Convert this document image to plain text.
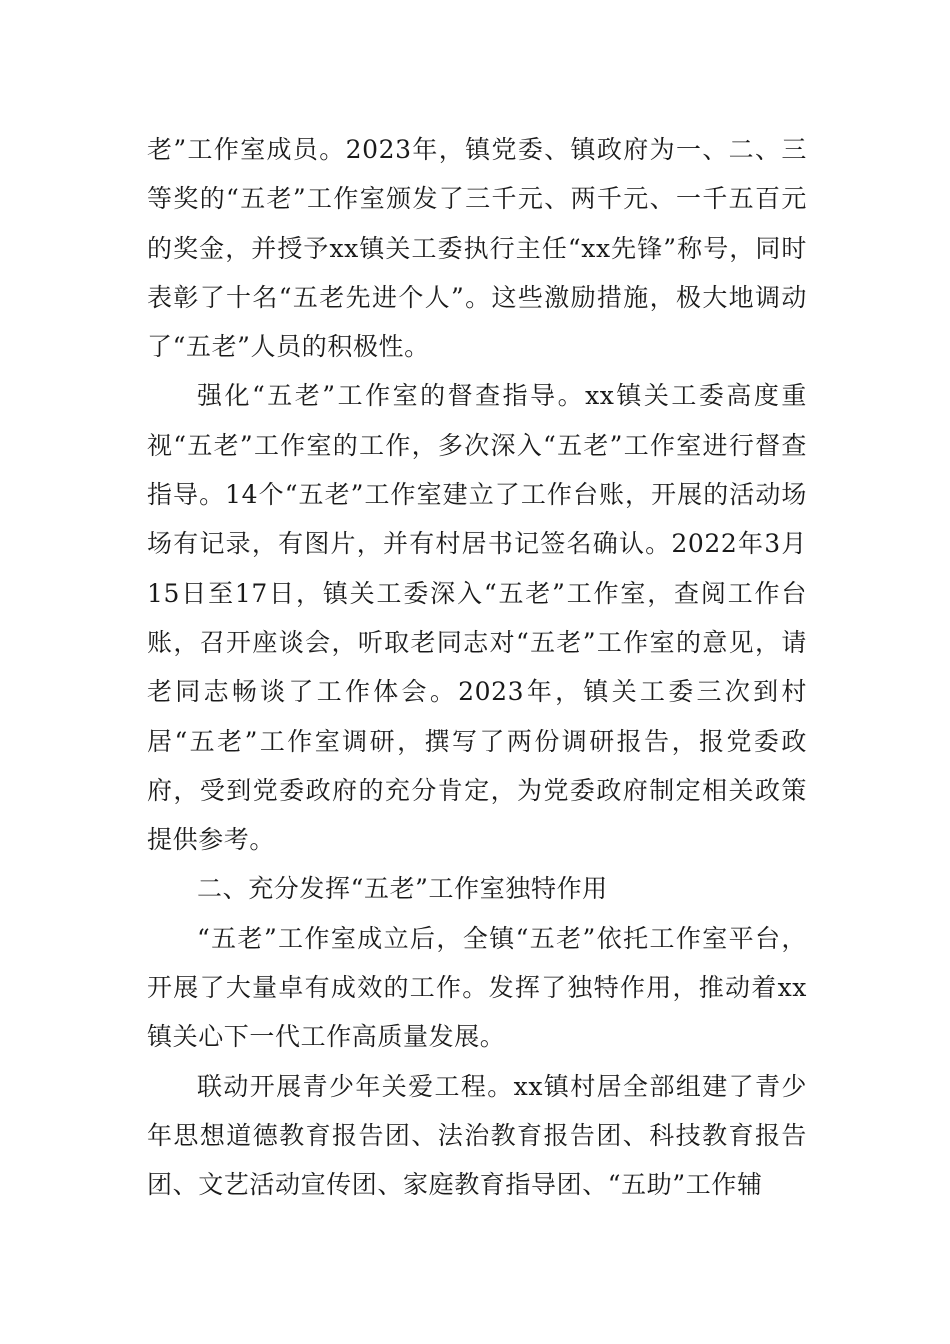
老”工作室成员。2023年，镇党委、镇政府为一、二、三等奖的“五老”工作室颁发了三千元、两千元、一千五百元的奖金，并授予xx镇关工委执行主任“xx先锋”称号，同时表彰了十名“五老先进个人”。这些激励措施，极大地调动了“五老”人员的积极性。

强化“五老”工作室的督查指导。xx镇关工委高度重视“五老”工作室的工作，多次深入“五老”工作室进行督查指导。14个“五老”工作室建立了工作台账，开展的活动场场有记录，有图片，并有村居书记签名确认。2022年3月15日至17日，镇关工委深入“五老”工作室，查阅工作台账，召开座谈会，听取老同志对“五老”工作室的意见，请老同志畅谈了工作体会。2023年，镇关工委三次到村居“五老”工作室调研，撰写了两份调研报告，报党委政府，受到党委政府的充分肯定，为党委政府制定相关政策提供参考。

二、充分发挥“五老”工作室独特作用

“五老”工作室成立后，全镇“五老”依托工作室平台，开展了大量卓有成效的工作。发挥了独特作用，推动着xx镇关心下一代工作高质量发展。

联动开展青少年关爱工程。xx镇村居全部组建了青少年思想道德教育报告团、法治教育报告团、科技教育报告团、文艺活动宣传团、家庭教育指导团、“五助”工作辅
